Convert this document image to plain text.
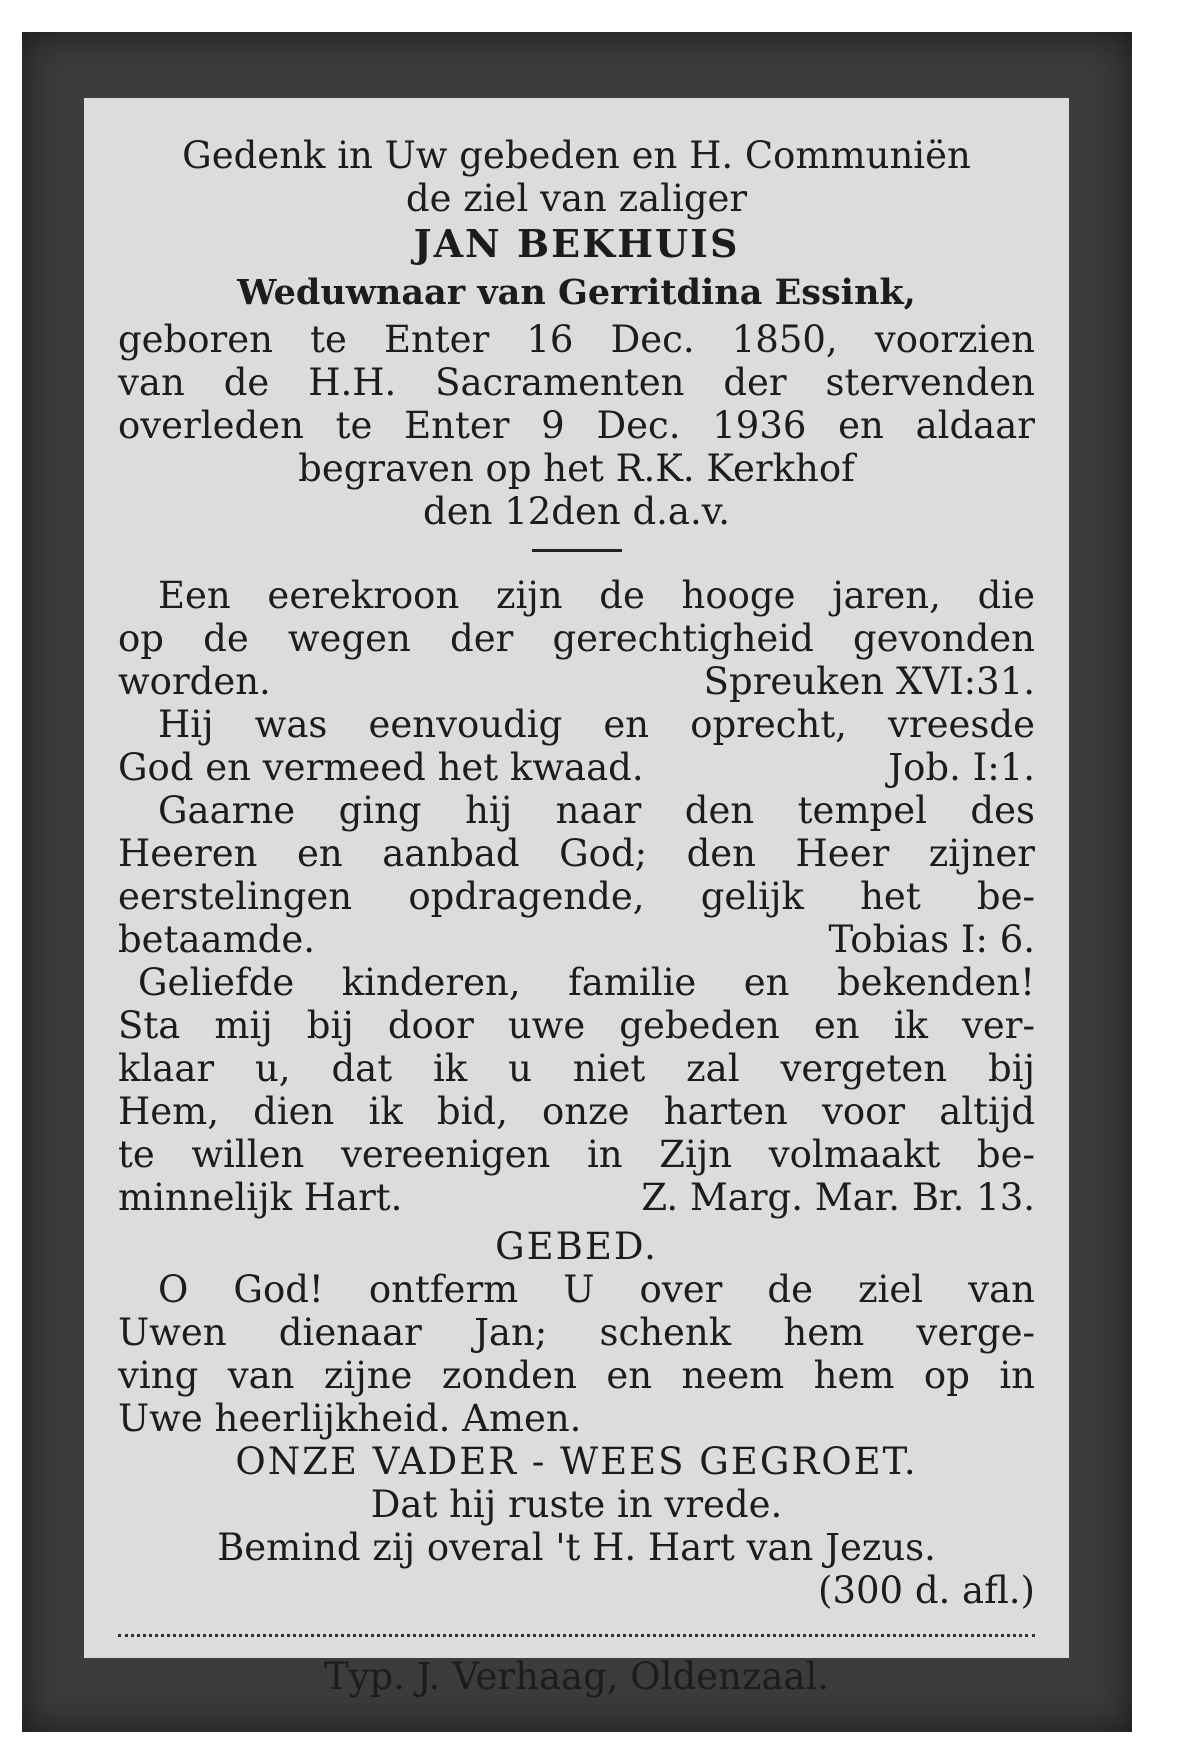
Gedenk in Uw gebeden en H. Communiën
de ziel van zaliger
JAN BEKHUIS
Weduwnaar van Gerritdina Essink,
geboren te Enter 16 Dec. 1850, voorzien
van de H.H. Sacramenten der stervenden
overleden te Enter 9 Dec. 1936 en aldaar
begraven op het R.K. Kerkhof
den 12den d.a.v.
Een eerekroon zijn de hooge jaren, die
op de wegen der gerechtigheid gevonden
worden.	Spreuken XVI:31.
Hij was eenvoudig en oprecht, vreesde
God en vermeed het kwaad.	Job. I:1.
Gaarne ging hij naar den tempel des
Heeren en aanbad God; den Heer zijner
eerstelingen opdragende, gelijk het be-
betaamde.	Tobias I: 6.
Geliefde kinderen, familie en bekenden!
Sta mij bij door uwe gebeden en ik ver-
klaar u, dat ik u niet zal vergeten bij
Hem, dien ik bid, onze harten voor altijd
te willen vereenigen in Zijn volmaakt be-
minnelijk Hart.	Z. Marg. Mar. Br. 13.
GEBED.
O God! ontferm U over de ziel van
Uwen dienaar Jan; schenk hem verge-
ving van zijne zonden en neem hem op in
Uwe heerlijkheid. Amen.
ONZE VADER - WEES GEGROET.
Dat hij ruste in vrede.
Bemind zij overal 't H. Hart van Jezus.
(300 d. afl.)
Typ. J. Verhaag, Oldenzaal.
